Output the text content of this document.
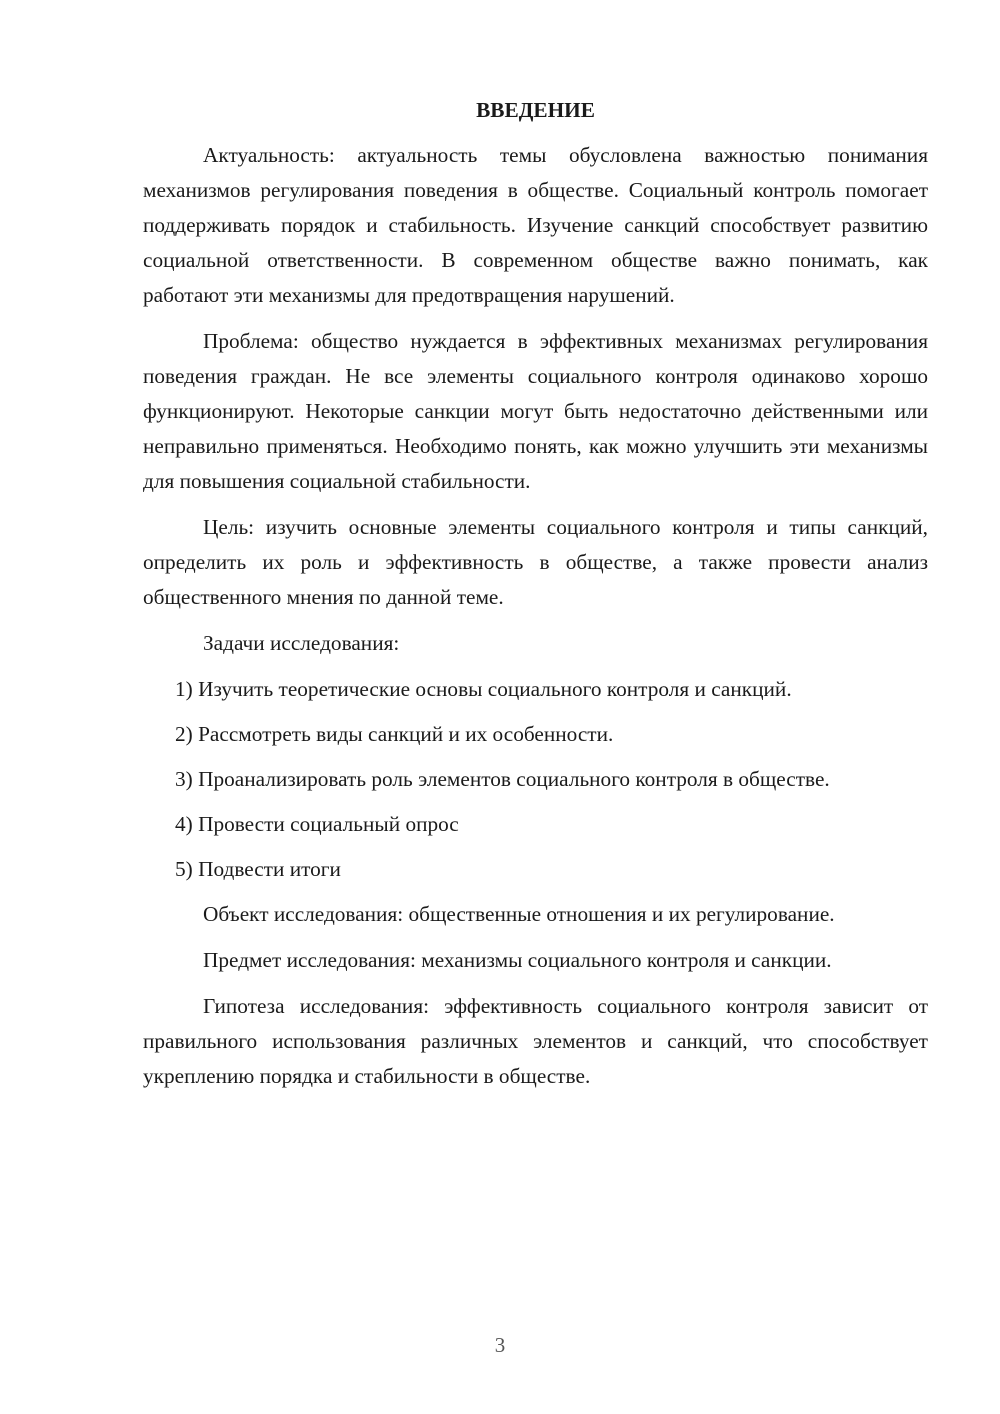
ВВЕДЕНИЕ

Актуальность: актуальность темы обусловлена важностью понимания механизмов регулирования поведения в обществе. Социальный контроль помогает поддерживать порядок и стабильность. Изучение санкций способствует развитию социальной ответственности. В современном обществе важно понимать, как работают эти механизмы для предотвращения нарушений.

Проблема: общество нуждается в эффективных механизмах регулирования поведения граждан. Не все элементы социального контроля одинаково хорошо функционируют. Некоторые санкции могут быть недостаточно действенными или неправильно применяться. Необходимо понять, как можно улучшить эти механизмы для повышения социальной стабильности.

Цель: изучить основные элементы социального контроля и типы санкций, определить их роль и эффективность в обществе, а также провести анализ общественного мнения по данной теме.

Задачи исследования:

1) Изучить теоретические основы социального контроля и санкций.

2) Рассмотреть виды санкций и их особенности.

3) Проанализировать роль элементов социального контроля в обществе.

4) Провести социальный опрос

5) Подвести итоги

Объект исследования: общественные отношения и их регулирование.

Предмет исследования: механизмы социального контроля и санкции.

Гипотеза исследования: эффективность социального контроля зависит от правильного использования различных элементов и санкций, что способствует укреплению порядка и стабильности в обществе.

3
